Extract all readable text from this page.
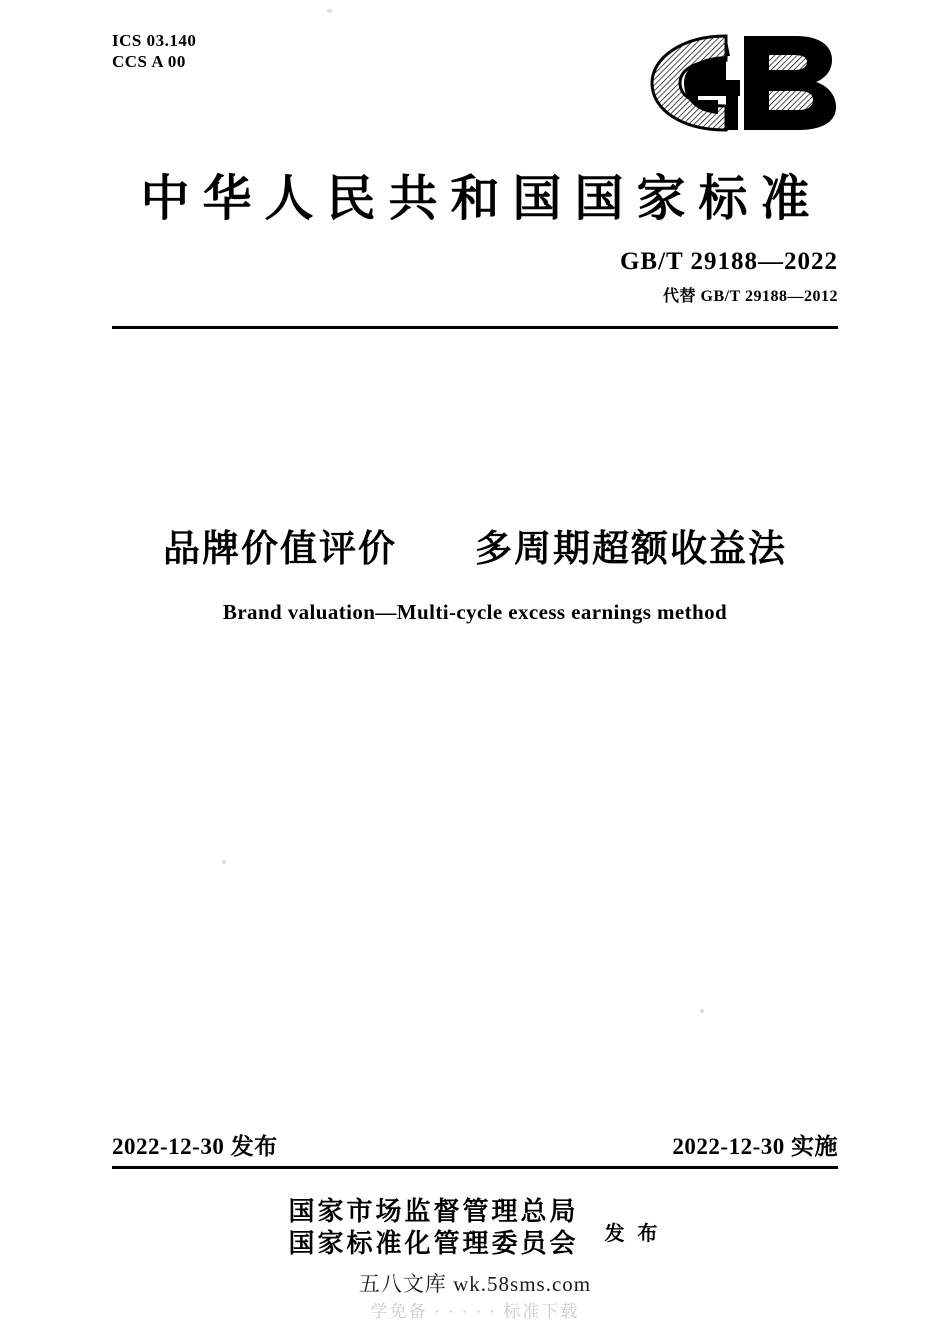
ICS 03.140
CCS A 00
中华人民共和国国家标准
GB/T 29188—2022
代替 GB/T 29188—2012
品牌价值评价　　多周期超额收益法
Brand valuation—Multi-cycle excess earnings method
2022-12-30 发布	2022-12-30 实施
国家市场监督管理总局
国家标准化管理委员会 发 布
五八文库 wk.58sms.com
学免备 · · · · · 标准下载
